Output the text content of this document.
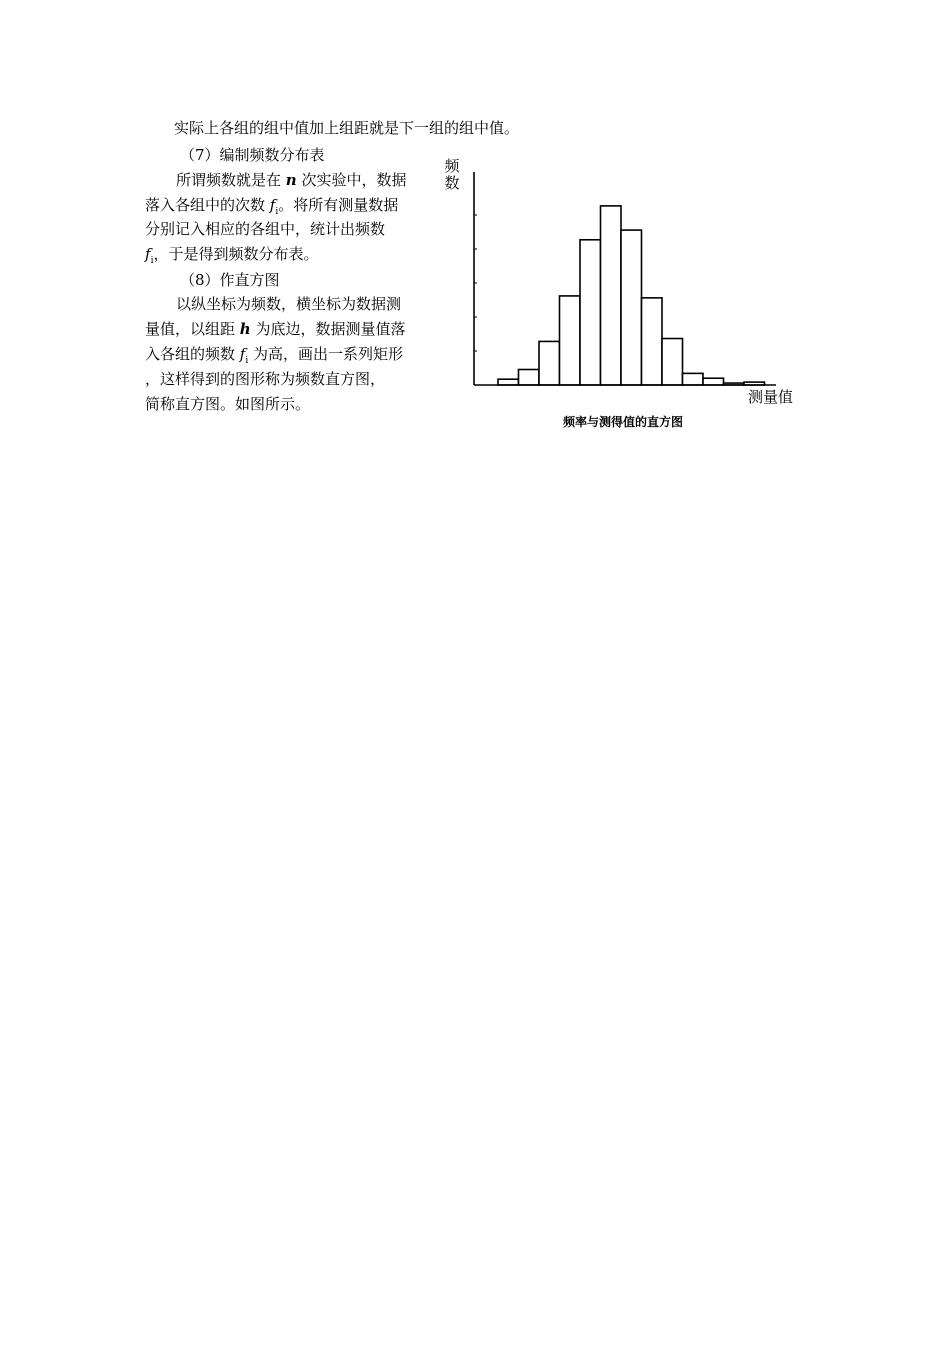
实际上各组的组中值加上组距就是下一组的组中值。
（7）编制频数分布表
所谓频数就是在 n 次实验中，数据
落入各组中的次数 $f_i$。将所有测量数据
分别记入相应的各组中，统计出频数
$f_i$，于是得到频数分布表。
（8）作直方图
以纵坐标为频数，横坐标为数据测
量值，以组距 h 为底边，数据测量值落
入各组的频数 $f_i$ 为高，画出一系列矩形
，这样得到的图形称为频数直方图，
简称直方图。如图所示。
频数
测量值
频率与测得值的直方图
